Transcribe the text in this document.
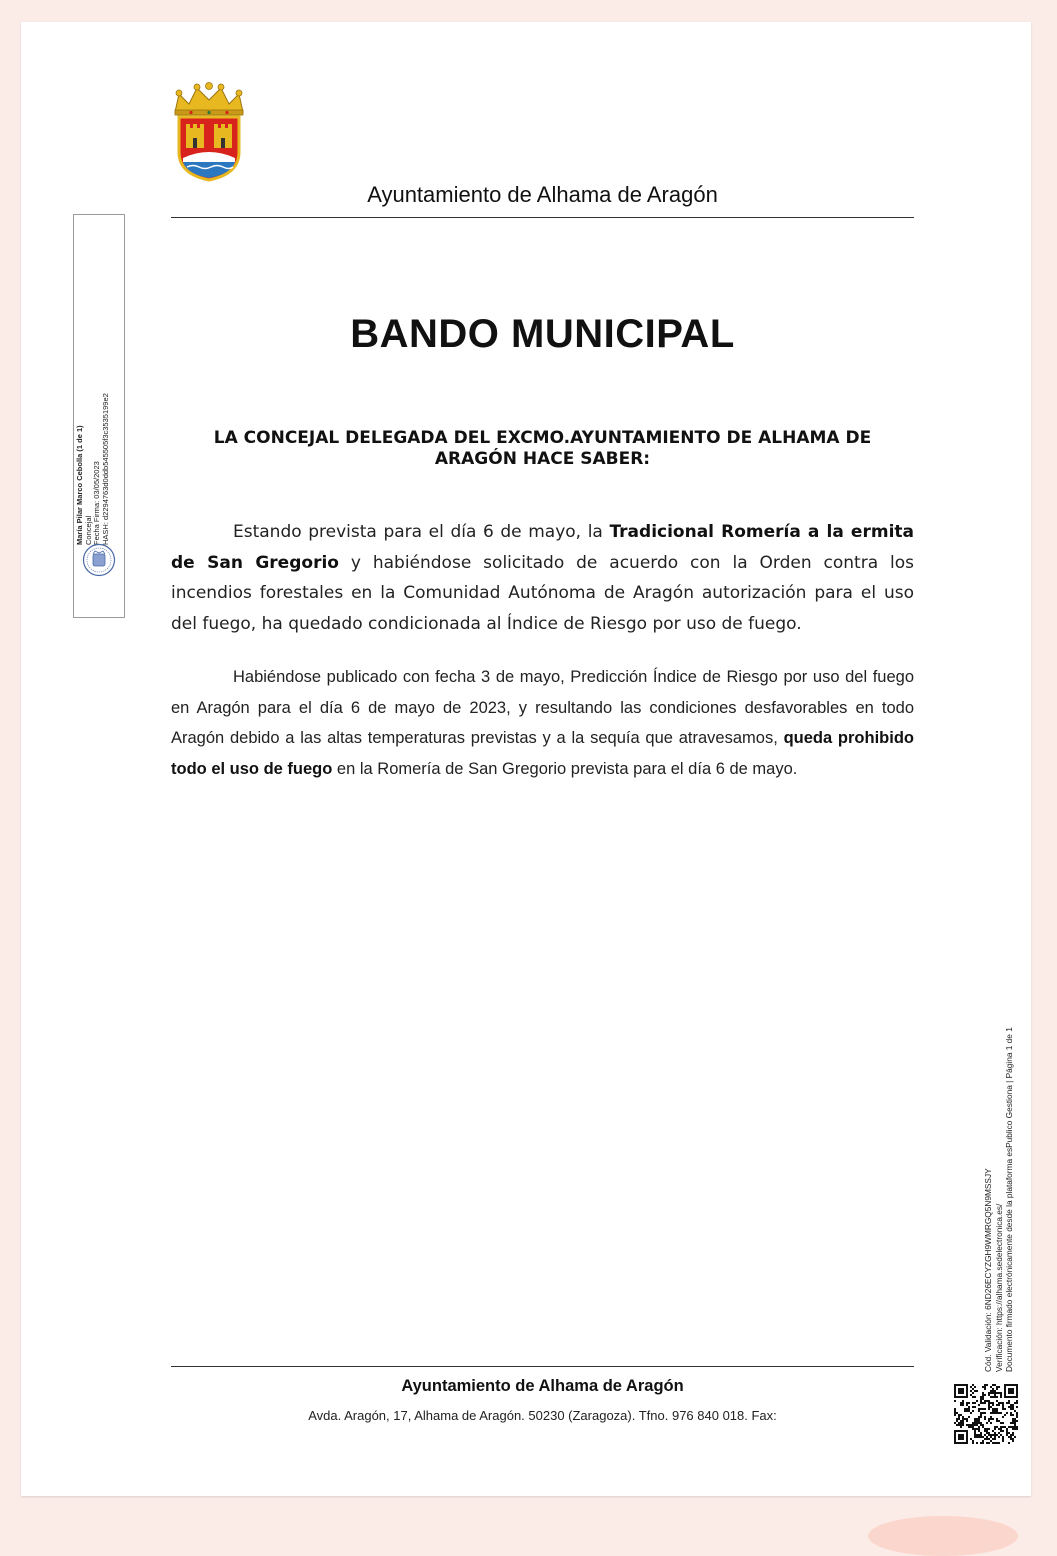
Ayuntamiento de Alhama de Aragón
María Pilar Marco Cebolla (1 de 1) Concejal Fecha Firma: 03/05/2023 HASH: d2294763d0ddb545505f3c3535199e2
BANDO MUNICIPAL
LA CONCEJAL DELEGADA DEL EXCMO.AYUNTAMIENTO DE ALHAMA DE
ARAGÓN HACE SABER:
Estando prevista para el día 6 de mayo, la Tradicional Romería a la ermita de San Gregorio y habiéndose solicitado de acuerdo con la Orden contra los incendios forestales en la Comunidad Autónoma de Aragón autorización para el uso del fuego, ha quedado condicionada al Índice de Riesgo por uso de fuego.
Habiéndose publicado con fecha 3 de mayo, Predicción Índice de Riesgo por uso del fuego en Aragón para el día 6 de mayo de 2023, y resultando las condiciones desfavorables en todo Aragón debido a las altas temperaturas previstas y a la sequía que atravesamos, queda prohibido todo el uso de fuego en la Romería de San Gregorio prevista para el día 6 de mayo.
Ayuntamiento de Alhama de Aragón
Avda. Aragón, 17, Alhama de Aragón. 50230 (Zaragoza). Tfno. 976 840 018. Fax:
Cód. Validación: 6ND26ECYZGH9WMRGQ5N9MSSJY Verificación: https://alhama.sedelectronica.es/ Documento firmado electrónicamente desde la plataforma esPublico Gestiona | Página 1 de 1
